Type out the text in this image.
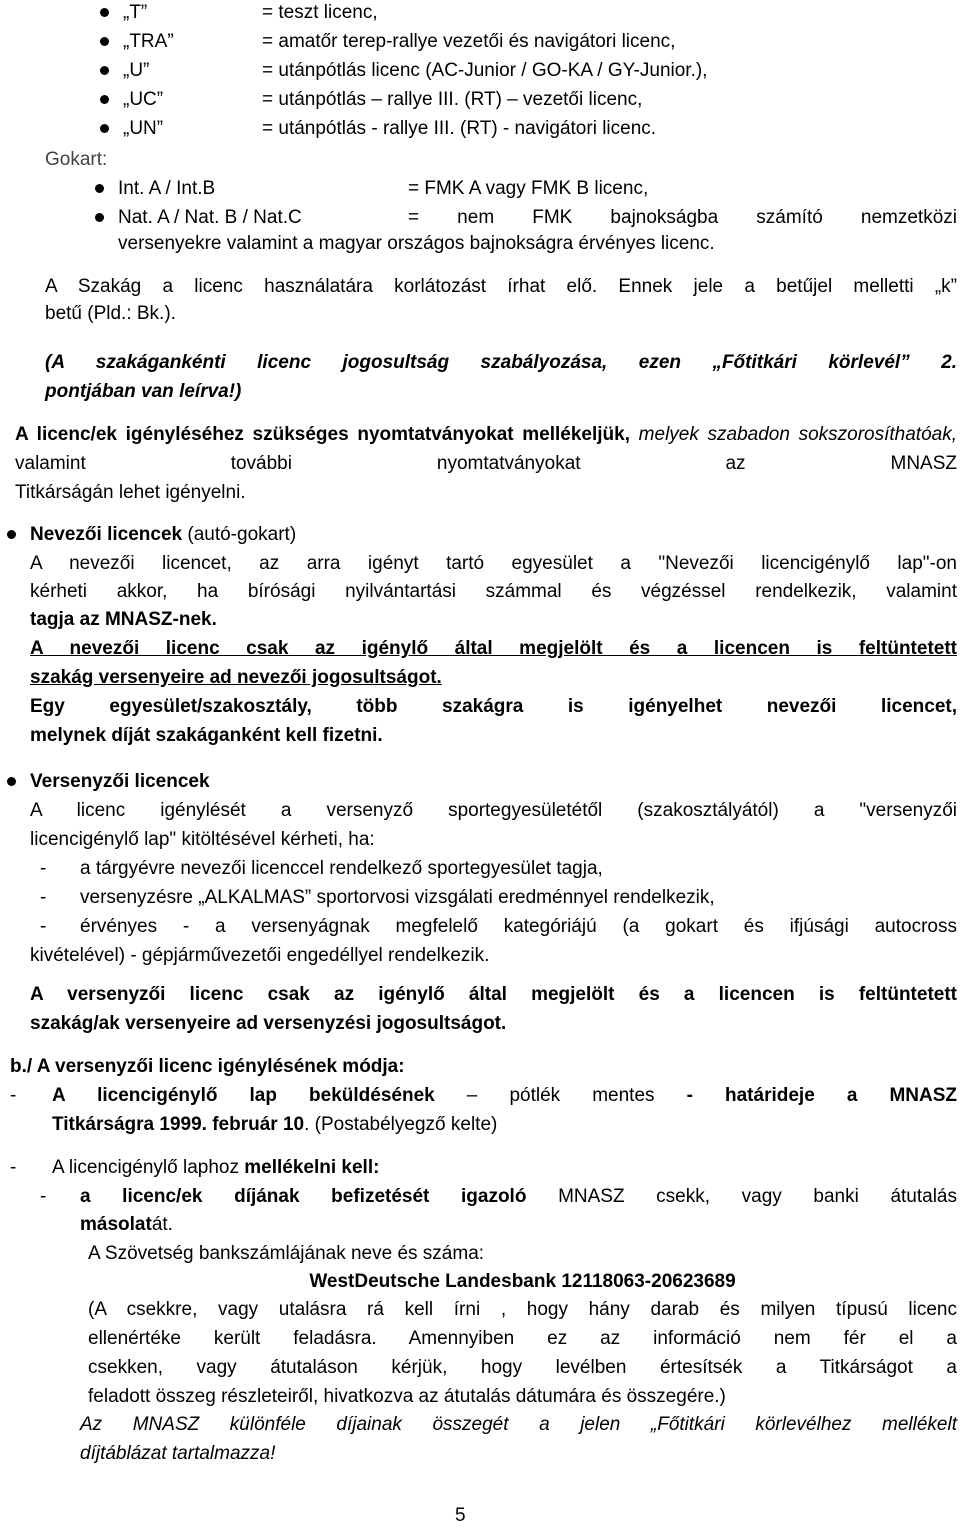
„T”	= teszt licenc,
„TRA”	= amatőr terep-rallye vezetői és navigátori licenc,
„U”	= utánpótlás licenc (AC-Junior / GO-KA / GY-Junior.),
„UC”	= utánpótlás – rallye III. (RT) – vezetői licenc,
„UN”	= utánpótlás - rallye III. (RT) - navigátori licenc.
Gokart:
Int. A / Int.B	= FMK A vagy FMK B licenc,
Nat. A / Nat. B / Nat.C	= nem FMK bajnokságba számító nemzetközi
versenyekre valamint a magyar országos bajnokságra érvényes licenc.
A Szakág a licenc használatára korlátozást írhat elő. Ennek jele a betűjel melletti „k”
betű (Pld.: Bk.).
(A szakágankénti licenc jogosultság szabályozása, ezen „Főtitkári körlevél” 2.
pontjában van leírva!)
A licenc/ek igényléséhez szükséges nyomtatványokat mellékeljük, melyek szabadon sokszorosíthatóak, valamint további nyomtatványokat az MNASZ
Titkárságán lehet igényelni.
Nevezői licencek (autó-gokart)
A nevezői licencet, az arra igényt tartó egyesület a "Nevezői licencigénylő lap"-on
kérheti akkor, ha bírósági nyilvántartási számmal és végzéssel rendelkezik, valamint
tagja az MNASZ-nek.
A nevezői licenc csak az igénylő által megjelölt és a licencen is feltüntetett
szakág versenyeire ad nevezői jogosultságot.
Egy egyesület/szakosztály, több szakágra is igényelhet nevezői licencet,
melynek díját szakáganként kell fizetni.
Versenyzői licencek
A licenc igénylését a versenyző sportegyesületétől (szakosztályától) a "versenyzői
licencigénylő lap" kitöltésével kérheti, ha:
- a tárgyévre nevezői licenccel rendelkező sportegyesület tagja,
- versenyzésre „ALKALMAS” sportorvosi vizsgálati eredménnyel rendelkezik,
- érvényes - a versenyágnak megfelelő kategóriájú (a gokart és ifjúsági autocross
kivételével) - gépjárművezetői engedéllyel rendelkezik.
A versenyzői licenc csak az igénylő által megjelölt és a licencen is feltüntetett
szakág/ak versenyeire ad versenyzési jogosultságot.
b./ A versenyzői licenc igénylésének módja:
- A licencigénylő lap beküldésének – pótlék mentes - határideje a MNASZ
Titkárságra 1999. február 10. (Postabélyegző kelte)
- A licencigénylő laphoz mellékelni kell:
- a licenc/ek díjának befizetését igazoló MNASZ csekk, vagy banki átutalás
másolatát.
A Szövetség bankszámlájának neve és száma:
WestDeutsche Landesbank 12118063-20623689
(A csekkre, vagy utalásra rá kell írni , hogy hány darab és milyen típusú licenc
ellenértéke került feladásra. Amennyiben ez az információ nem fér el a
csekken, vagy átutaláson kérjük, hogy levélben értesítsék a Titkárságot a
feladott összeg részleteiről, hivatkozva az átutalás dátumára és összegére.)
Az MNASZ különféle díjainak összegét a jelen „Főtitkári körlevélhez mellékelt
díjtáblázat tartalmazza!
5
